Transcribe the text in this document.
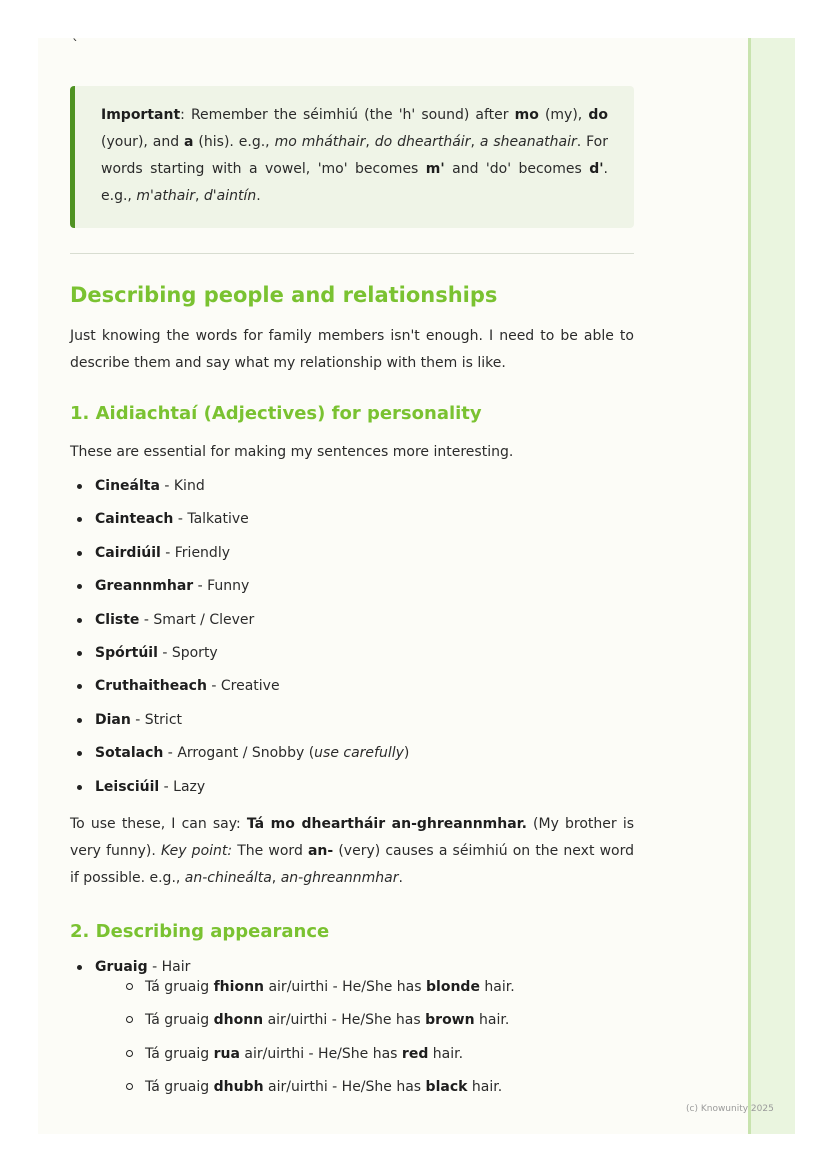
`

Important: Remember the séimhiú (the 'h' sound) after mo (my), do (your), and a (his). e.g., mo mháthair, do dheartháir, a sheanathair. For words starting with a vowel, 'mo' becomes m' and 'do' becomes d'. e.g., m'athair, d'aintín.

Describing people and relationships

Just knowing the words for family members isn't enough. I need to be able to describe them and say what my relationship with them is like.

1. Aidiachtaí (Adjectives) for personality

These are essential for making my sentences more interesting.

Cineálta - Kind
Cainteach - Talkative
Cairdiúil - Friendly
Greannmhar - Funny
Cliste - Smart / Clever
Spórtúil - Sporty
Cruthaitheach - Creative
Dian - Strict
Sotalach - Arrogant / Snobby (use carefully)
Leisciúil - Lazy

To use these, I can say: Tá mo dheartháir an-ghreannmhar. (My brother is very funny). Key point: The word an- (very) causes a séimhiú on the next word if possible. e.g., an-chineálta, an-ghreannmhar.

2. Describing appearance
Gruaig - Hair
Tá gruaig fhionn air/uirthi - He/She has blonde hair.
Tá gruaig dhonn air/uirthi - He/She has brown hair.
Tá gruaig rua air/uirthi - He/She has red hair.
Tá gruaig dhubh air/uirthi - He/She has black hair.
(c) Knowunity 2025
